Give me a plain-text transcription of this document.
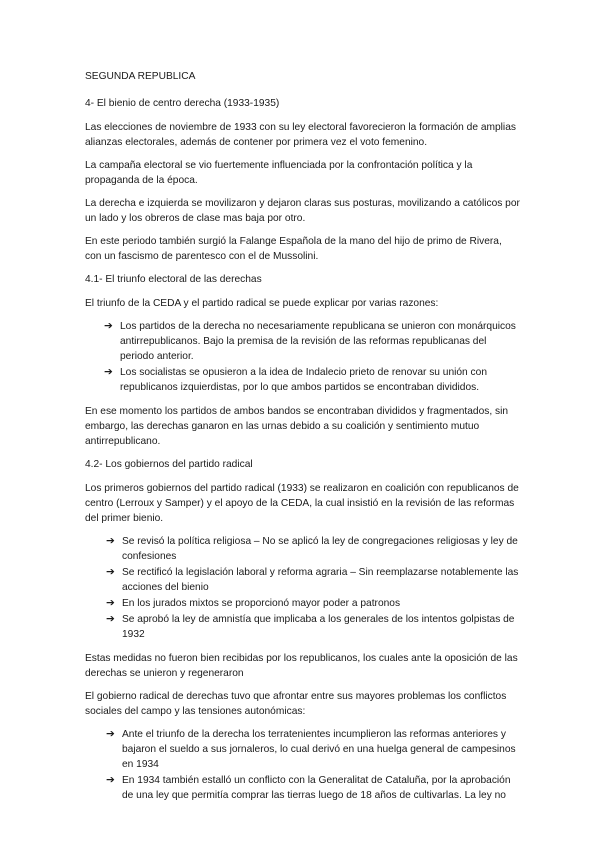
SEGUNDA REPUBLICA

4- El bienio de centro derecha (1933-1935)

Las elecciones de noviembre de 1933 con su ley electoral favorecieron la formación de amplias alianzas electorales, además de contener por primera vez el voto femenino.

La campaña electoral se vio fuertemente influenciada por la confrontación política y la propaganda de la época.

La derecha e izquierda se movilizaron y dejaron claras sus posturas, movilizando a católicos por un lado y los obreros de clase mas baja por otro.

En este periodo también surgió la Falange Española de la mano del hijo de primo de Rivera, con un fascismo de parentesco con el de Mussolini.

4.1- El triunfo electoral de las derechas

El triunfo de la CEDA y el partido radical se puede explicar por varias razones:

➔ Los partidos de la derecha no necesariamente republicana se unieron con monárquicos antirrepublicanos. Bajo la premisa de la revisión de las reformas republicanas del periodo anterior.
➔ Los socialistas se opusieron a la idea de Indalecio prieto de renovar su unión con republicanos izquierdistas, por lo que ambos partidos se encontraban divididos.

En ese momento los partidos de ambos bandos se encontraban divididos y fragmentados, sin embargo, las derechas ganaron en las urnas debido a su coalición y sentimiento mutuo antirrepublicano.

4.2- Los gobiernos del partido radical

Los primeros gobiernos del partido radical (1933) se realizaron en coalición con republicanos de centro (Lerroux y Samper) y el apoyo de la CEDA, la cual insistió en la revisión de las reformas del primer bienio.

➔ Se revisó la política religiosa – No se aplicó la ley de congregaciones religiosas y ley de confesiones
➔ Se rectificó la legislación laboral y reforma agraria – Sin reemplazarse notablemente las acciones del bienio
➔ En los jurados mixtos se proporcionó mayor poder a patronos
➔ Se aprobó la ley de amnistía que implicaba a los generales de los intentos golpistas de 1932

Estas medidas no fueron bien recibidas por los republicanos, los cuales ante la oposición de las derechas se unieron y regeneraron

El gobierno radical de derechas tuvo que afrontar entre sus mayores problemas los conflictos sociales del campo y las tensiones autonómicas:

➔ Ante el triunfo de la derecha los terratenientes incumplieron las reformas anteriores y bajaron el sueldo a sus jornaleros, lo cual derivó en una huelga general de campesinos en 1934
➔ En 1934 también estalló un conflicto con la Generalitat de Cataluña, por la aprobación de una ley que permitía comprar las tierras luego de 18 años de cultivarlas. La ley no
